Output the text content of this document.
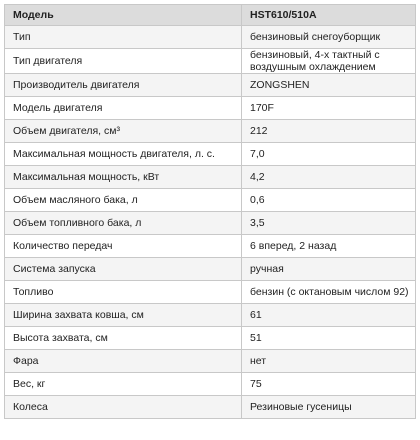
Модель	HST610/510A
Тип	бензиновый снегоуборщик
Тип двигателя	бензиновый, 4-х тактный с воздушным охлаждением
Производитель двигателя	ZONGSHEN
Модель двигателя	170F
Объем двигателя, см³	212
Максимальная мощность двигателя, л. с.	7,0
Максимальная мощность, кВт	4,2
Объем масляного бака, л	0,6
Объем топливного бака, л	3,5
Количество передач	6 вперед, 2 назад
Система запуска	ручная
Топливо	бензин (с октановым числом 92)
Ширина захвата ковша, см	61
Высота захвата, см	51
Фара	нет
Вес, кг	75
Колеса	Резиновые гусеницы
